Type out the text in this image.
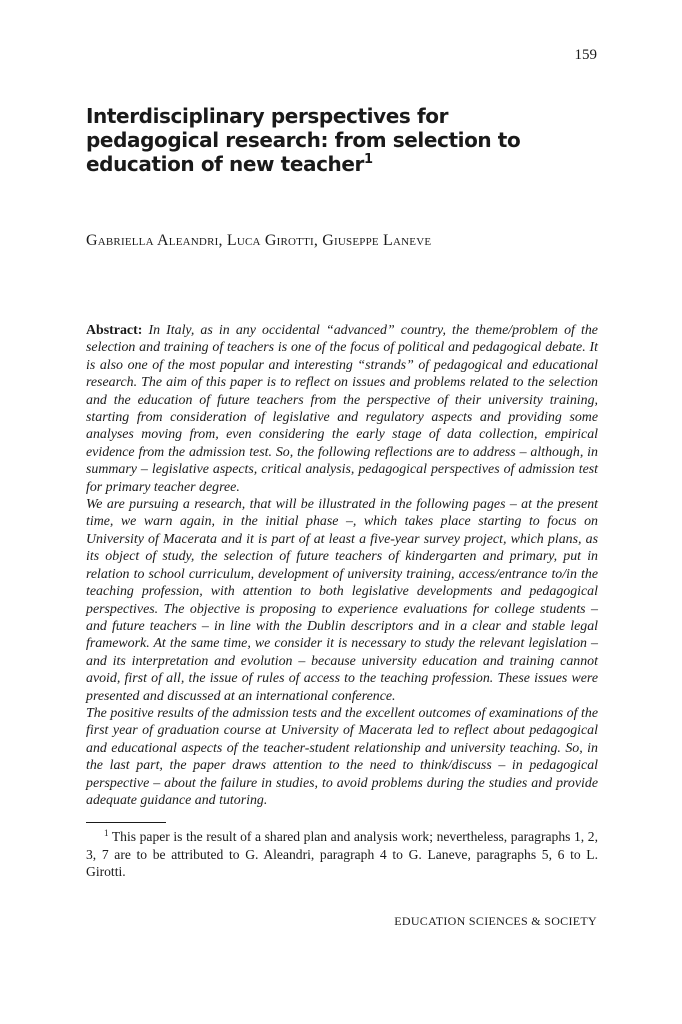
159
Interdisciplinary perspectives for pedagogical research: from selection to education of new teacher$^1$
Gabriella Aleandri, Luca Girotti, Giuseppe Laneve

Abstract: In Italy, as in any occidental “advanced” country, the theme/problem of the selection and training of teachers is one of the focus of political and pedagogical debate. It is also one of the most popular and interesting “strands” of pedagogical and educational research. The aim of this paper is to reflect on issues and problems related to the selection and the education of future teachers from the perspective of their university training, starting from consideration of legislative and regulatory aspects and providing some analyses moving from, even considering the early stage of data collection, empirical evidence from the admission test. So, the following reflections are to address – although, in summary – legislative aspects, critical analysis, pedagogical perspectives of admission test for primary teacher degree.

We are pursuing a research, that will be illustrated in the following pages – at the present time, we warn again, in the initial phase –, which takes place starting to focus on University of Macerata and it is part of at least a five-year survey project, which plans, as its object of study, the selection of future teachers of kindergarten and primary, put in relation to school curriculum, development of university training, access/entrance to/in the teaching profession, with attention to both legislative developments and pedagogical perspectives. The objective is proposing to experience evaluations for college students – and future teachers – in line with the Dublin descriptors and in a clear and stable legal framework. At the same time, we consider it is necessary to study the relevant legislation – and its interpretation and evolution – because university education and training cannot avoid, first of all, the issue of rules of access to the teaching profession. These issues were presented and discussed at an international conference.

The positive results of the admission tests and the excellent outcomes of examinations of the first year of graduation course at University of Macerata led to reflect about pedagogical and educational aspects of the teacher-student relationship and university teaching. So, in the last part, the paper draws attention to the need to think/discuss – in pedagogical perspective – about the failure in studies, to avoid problems during the studies and provide adequate guidance and tutoring.

$^1$ This paper is the result of a shared plan and analysis work; nevertheless, paragraphs 1, 2, 3, 7 are to be attributed to G. Aleandri, paragraph 4 to G. Laneve, paragraphs 5, 6 to L. Girotti.

EDUCATION SCIENCES & SOCIETY
